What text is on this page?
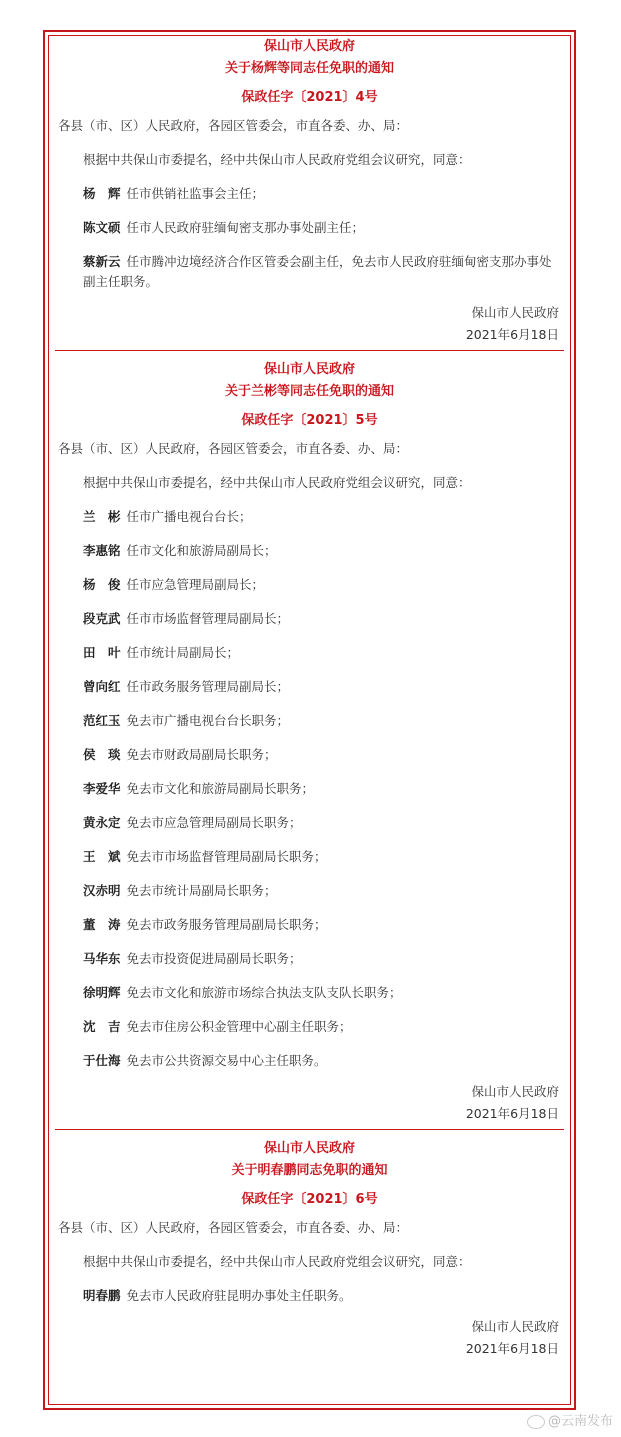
保山市人民政府
关于杨辉等同志任免职的通知
保政任字〔2021〕4号

各县（市、区）人民政府，各园区管委会，市直各委、办、局：

根据中共保山市委提名，经中共保山市人民政府党组会议研究，同意：

杨　辉 任市供销社监事会主任；
陈文硕 任市人民政府驻缅甸密支那办事处副主任；
蔡新云 任市腾冲边境经济合作区管委会副主任，免去市人民政府驻缅甸密支那办事处副主任职务。
保山市人民政府
2021年6月18日
保山市人民政府
关于兰彬等同志任免职的通知
保政任字〔2021〕5号

各县（市、区）人民政府，各园区管委会，市直各委、办、局：

根据中共保山市委提名，经中共保山市人民政府党组会议研究，同意：

兰　彬 任市广播电视台台长；
李惠铭 任市文化和旅游局副局长；
杨　俊 任市应急管理局副局长；
段克武 任市市场监督管理局副局长；
田　叶 任市统计局副局长；
曾向红 任市政务服务管理局副局长；
范红玉 免去市广播电视台台长职务；
侯　琰 免去市财政局副局长职务；
李爱华 免去市文化和旅游局副局长职务；
黄永定 免去市应急管理局副局长职务；
王　斌 免去市市场监督管理局副局长职务；
汉赤明 免去市统计局副局长职务；
董　涛 免去市政务服务管理局副局长职务；
马华东 免去市投资促进局副局长职务；
徐明辉 免去市文化和旅游市场综合执法支队支队长职务；
沈　吉 免去市住房公积金管理中心副主任职务；
于仕海 免去市公共资源交易中心主任职务。
保山市人民政府
2021年6月18日
保山市人民政府
关于明春鹏同志免职的通知
保政任字〔2021〕6号

各县（市、区）人民政府，各园区管委会，市直各委、办、局：

根据中共保山市委提名，经中共保山市人民政府党组会议研究，同意：

明春鹏 免去市人民政府驻昆明办事处主任职务。
保山市人民政府
2021年6月18日
@云南发布
